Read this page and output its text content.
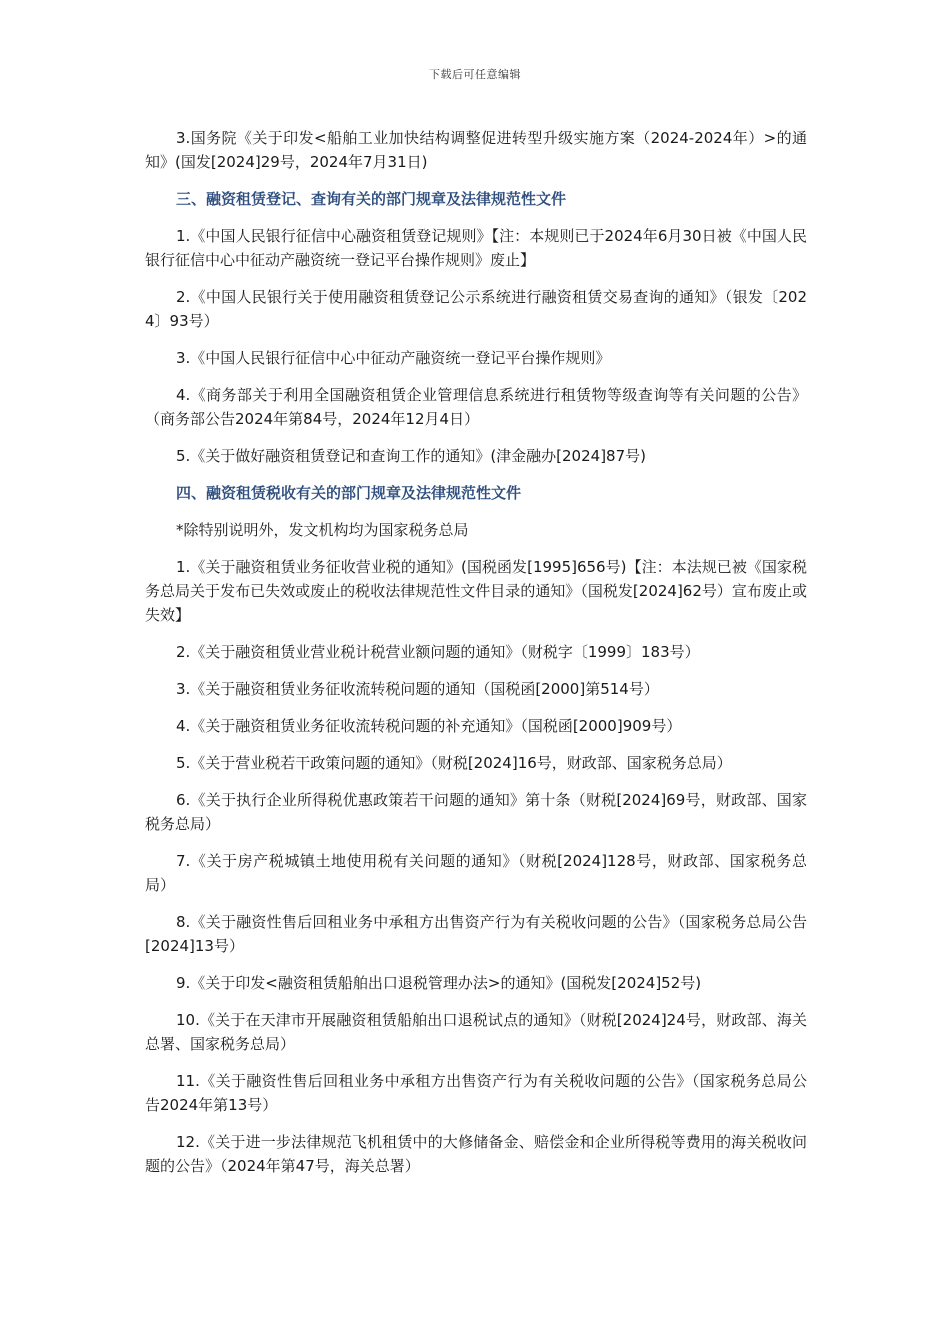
下载后可任意编辑

3.国务院《关于印发<船舶工业加快结构调整促进转型升级实施方案（2024-2024年）>的通知》(国发[2024]29号，2024年7月31日)

三、融资租赁登记、查询有关的部门规章及法律规范性文件

1.《中国人民银行征信中心融资租赁登记规则》【注：本规则已于2024年6月30日被《中国人民银行征信中心中征动产融资统一登记平台操作规则》废止】

2.《中国人民银行关于使用融资租赁登记公示系统进行融资租赁交易查询的通知》（银发〔2024〕93号）

3.《中国人民银行征信中心中征动产融资统一登记平台操作规则》

4.《商务部关于利用全国融资租赁企业管理信息系统进行租赁物等级查询等有关问题的公告》（商务部公告2024年第84号，2024年12月4日）

5.《关于做好融资租赁登记和查询工作的通知》(津金融办[2024]87号)

四、融资租赁税收有关的部门规章及法律规范性文件

*除特别说明外，发文机构均为国家税务总局

1.《关于融资租赁业务征收营业税的通知》(国税函发[1995]656号)【注：本法规已被《国家税务总局关于发布已失效或废止的税收法律规范性文件目录的通知》（国税发[2024]62号）宣布废止或失效】

2.《关于融资租赁业营业税计税营业额问题的通知》（财税字〔1999〕183号）

3.《关于融资租赁业务征收流转税问题的通知（国税函[2000]第514号）

4.《关于融资租赁业务征收流转税问题的补充通知》（国税函[2000]909号）

5.《关于营业税若干政策问题的通知》（财税[2024]16号，财政部、国家税务总局）

6.《关于执行企业所得税优惠政策若干问题的通知》第十条（财税[2024]69号，财政部、国家税务总局）

7.《关于房产税城镇土地使用税有关问题的通知》（财税[2024]128号，财政部、国家税务总局）

8.《关于融资性售后回租业务中承租方出售资产行为有关税收问题的公告》（国家税务总局公告[2024]13号）

9.《关于印发<融资租赁船舶出口退税管理办法>的通知》(国税发[2024]52号)

10.《关于在天津市开展融资租赁船舶出口退税试点的通知》（财税[2024]24号，财政部、海关总署、国家税务总局）

11.《关于融资性售后回租业务中承租方出售资产行为有关税收问题的公告》（国家税务总局公告2024年第13号）

12.《关于进一步法律规范飞机租赁中的大修储备金、赔偿金和企业所得税等费用的海关税收问题的公告》（2024年第47号，海关总署）
